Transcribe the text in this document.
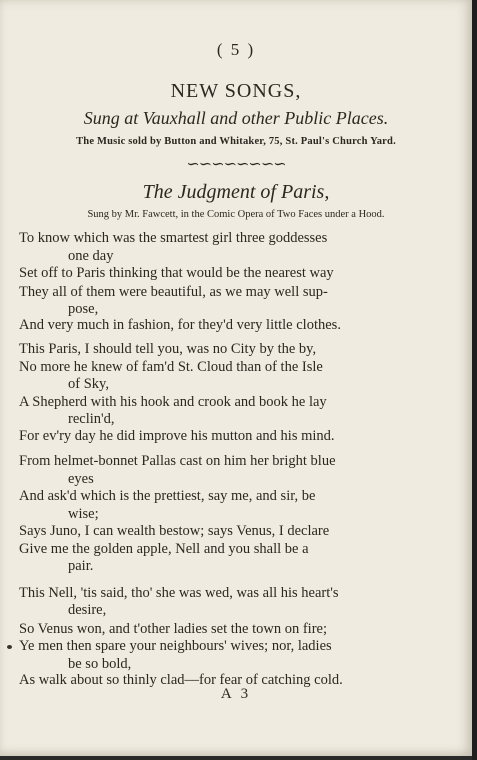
( 5 )
NEW SONGS,
Sung at Vauxhall and other Public Places.
The Music sold by Button and Whitaker, 75, St. Paul's Church Yard.
∽∽∽∽∽∽∽∽
The Judgment of Paris,
Sung by Mr. Fawcett, in the Comic Opera of Two Faces under a Hood.
To know which was the smartest girl three goddesses
one day
Set off to Paris thinking that would be the nearest way
They all of them were beautiful, as we may well sup-
pose,
And very much in fashion, for they'd very little clothes.
This Paris, I should tell you, was no City by the by,
No more he knew of fam'd St. Cloud than of the Isle
of Sky,
A Shepherd with his hook and crook and book he lay
reclin'd,
For ev'ry day he did improve his mutton and his mind.
From helmet-bonnet Pallas cast on him her bright blue
eyes
And ask'd which is the prettiest, say me, and sir, be
wise;
Says Juno, I can wealth bestow; says Venus, I declare
Give me the golden apple, Nell and you shall be a
pair.
This Nell, 'tis said, tho' she was wed, was all his heart's
desire,
So Venus won, and t'other ladies set the town on fire;
Ye men then spare your neighbours' wives; nor, ladies
be so bold,
As walk about so thinly clad—for fear of catching cold.
A 3
